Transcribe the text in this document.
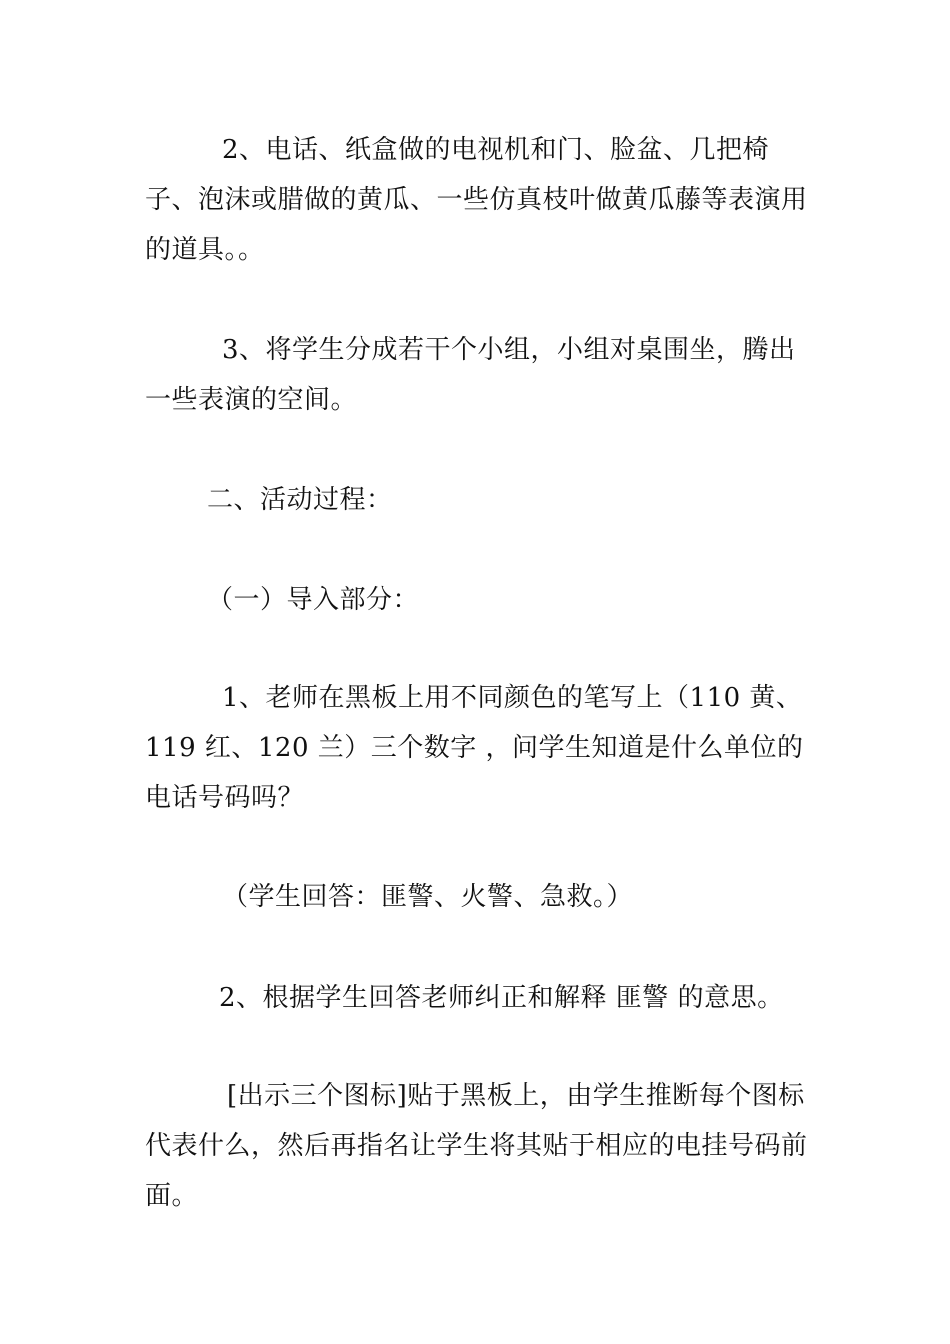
2、电话、纸盒做的电视机和门、脸盆、几把椅子、泡沫或腊做的黄瓜、一些仿真枝叶做黄瓜藤等表演用的道具。。

3、将学生分成若干个小组，小组对桌围坐，腾出一些表演的空间。

二、活动过程：

（一）导入部分：

1、老师在黑板上用不同颜色的笔写上（110 黄、119 红、120 兰）三个数字 ，问学生知道是什么单位的电话号码吗？

（学生回答：匪警、火警、急救。）

2、根据学生回答老师纠正和解释 匪警 的意思。

[出示三个图标]贴于黑板上，由学生推断每个图标代表什么，然后再指名让学生将其贴于相应的电挂号码前面。
